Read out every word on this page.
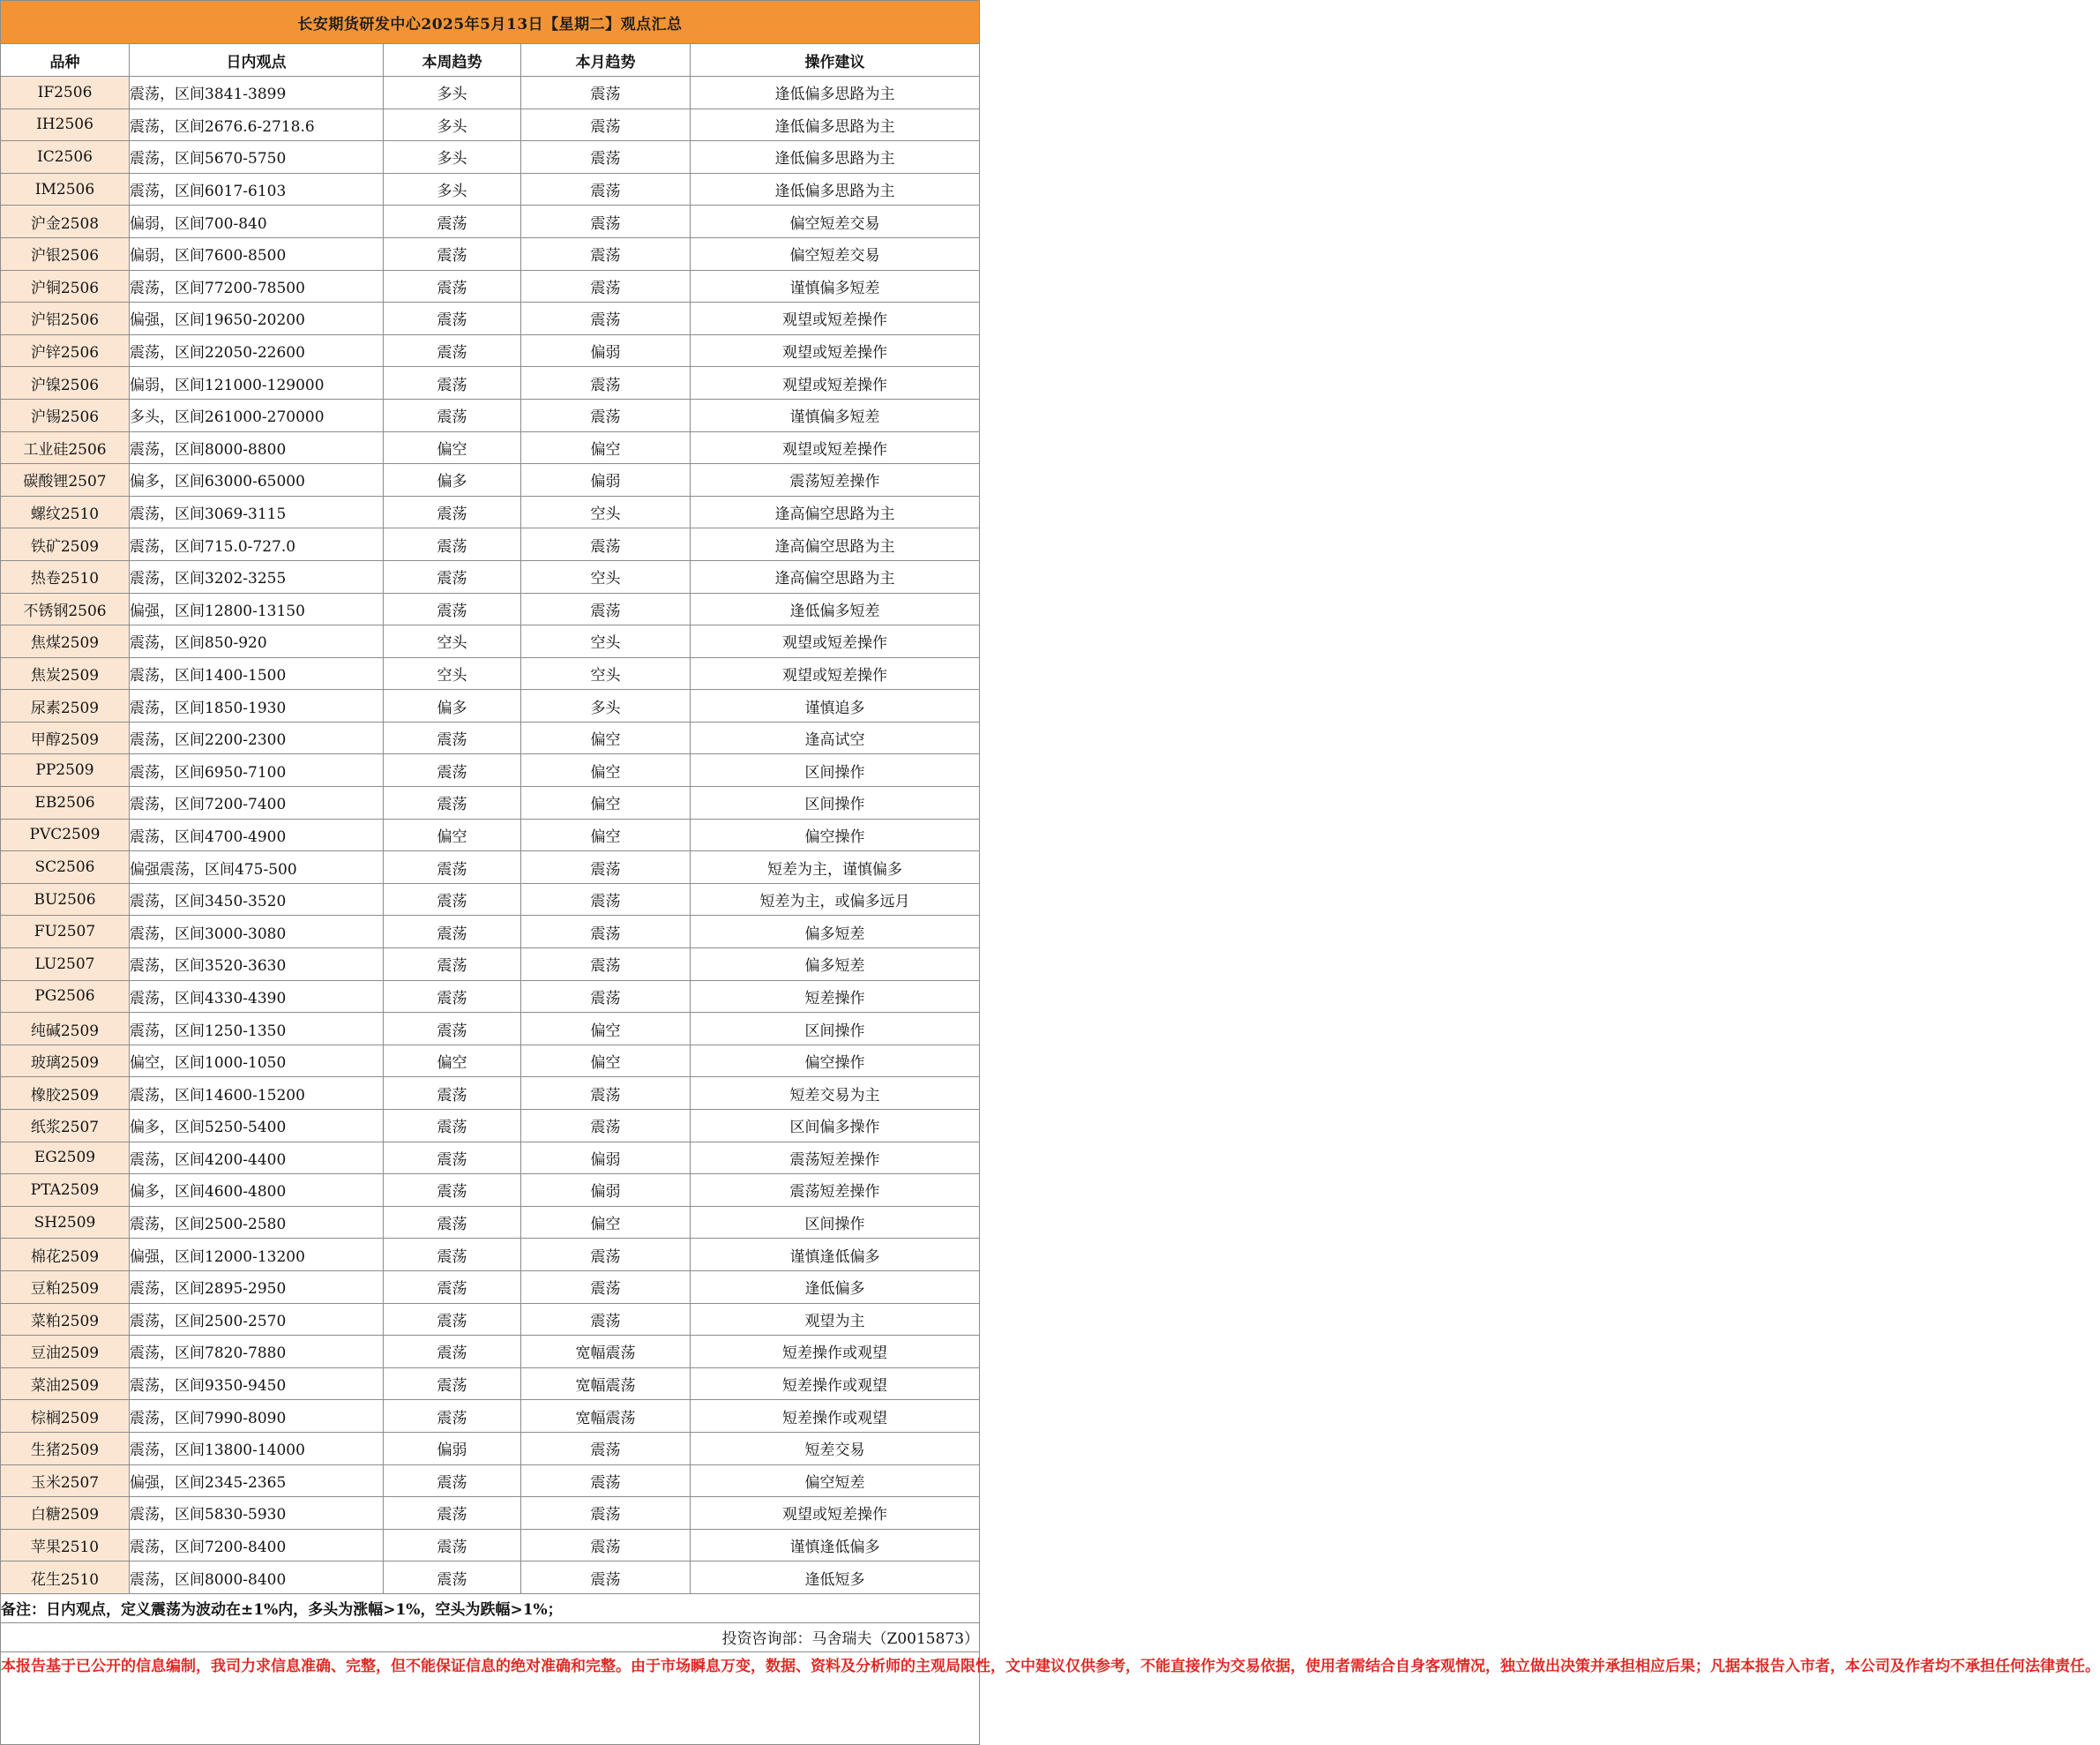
长安期货研发中心2025年5月13日【星期二】观点汇总				
品种	日内观点	本周趋势	本月趋势	操作建议
IF2506	震荡，区间3841-3899	多头	震荡	逢低偏多思路为主
IH2506	震荡，区间2676.6-2718.6	多头	震荡	逢低偏多思路为主
IC2506	震荡，区间5670-5750	多头	震荡	逢低偏多思路为主
IM2506	震荡，区间6017-6103	多头	震荡	逢低偏多思路为主
沪金2508	偏弱，区间700-840	震荡	震荡	偏空短差交易
沪银2506	偏弱，区间7600-8500	震荡	震荡	偏空短差交易
沪铜2506	震荡，区间77200-78500	震荡	震荡	谨慎偏多短差
沪铝2506	偏强，区间19650-20200	震荡	震荡	观望或短差操作
沪锌2506	震荡，区间22050-22600	震荡	偏弱	观望或短差操作
沪镍2506	偏弱，区间121000-129000	震荡	震荡	观望或短差操作
沪锡2506	多头，区间261000-270000	震荡	震荡	谨慎偏多短差
工业硅2506	震荡，区间8000-8800	偏空	偏空	观望或短差操作
碳酸锂2507	偏多，区间63000-65000	偏多	偏弱	震荡短差操作
螺纹2510	震荡，区间3069-3115	震荡	空头	逢高偏空思路为主
铁矿2509	震荡，区间715.0-727.0	震荡	震荡	逢高偏空思路为主
热卷2510	震荡，区间3202-3255	震荡	空头	逢高偏空思路为主
不锈钢2506	偏强，区间12800-13150	震荡	震荡	逢低偏多短差
焦煤2509	震荡，区间850-920	空头	空头	观望或短差操作
焦炭2509	震荡，区间1400-1500	空头	空头	观望或短差操作
尿素2509	震荡，区间1850-1930	偏多	多头	谨慎追多
甲醇2509	震荡，区间2200-2300	震荡	偏空	逢高试空
PP2509	震荡，区间6950-7100	震荡	偏空	区间操作
EB2506	震荡，区间7200-7400	震荡	偏空	区间操作
PVC2509	震荡，区间4700-4900	偏空	偏空	偏空操作
SC2506	偏强震荡，区间475-500	震荡	震荡	短差为主，谨慎偏多
BU2506	震荡，区间3450-3520	震荡	震荡	短差为主，或偏多远月
FU2507	震荡，区间3000-3080	震荡	震荡	偏多短差
LU2507	震荡，区间3520-3630	震荡	震荡	偏多短差
PG2506	震荡，区间4330-4390	震荡	震荡	短差操作
纯碱2509	震荡，区间1250-1350	震荡	偏空	区间操作
玻璃2509	偏空，区间1000-1050	偏空	偏空	偏空操作
橡胶2509	震荡，区间14600-15200	震荡	震荡	短差交易为主
纸浆2507	偏多，区间5250-5400	震荡	震荡	区间偏多操作
EG2509	震荡，区间4200-4400	震荡	偏弱	震荡短差操作
PTA2509	偏多，区间4600-4800	震荡	偏弱	震荡短差操作
SH2509	震荡，区间2500-2580	震荡	偏空	区间操作
棉花2509	偏强，区间12000-13200	震荡	震荡	谨慎逢低偏多
豆粕2509	震荡，区间2895-2950	震荡	震荡	逢低偏多
菜粕2509	震荡，区间2500-2570	震荡	震荡	观望为主
豆油2509	震荡，区间7820-7880	震荡	宽幅震荡	短差操作或观望
菜油2509	震荡，区间9350-9450	震荡	宽幅震荡	短差操作或观望
棕榈2509	震荡，区间7990-8090	震荡	宽幅震荡	短差操作或观望
生猪2509	震荡，区间13800-14000	偏弱	震荡	短差交易
玉米2507	偏强，区间2345-2365	震荡	震荡	偏空短差
白糖2509	震荡，区间5830-5930	震荡	震荡	观望或短差操作
苹果2510	震荡，区间7200-8400	震荡	震荡	谨慎逢低偏多
花生2510	震荡，区间8000-8400	震荡	震荡	逢低短多
备注：日内观点，定义震荡为波动在±1%内，多头为涨幅>1%，空头为跌幅>1%；				
投资咨询部：马舍瑞夫（Z0015873）				
本报告基于已公开的信息编制，我司力求信息准确、完整，但不能保证信息的绝对准确和完整。由于市场瞬息万变，数据、资料及分析师的主观局限性，文中建议仅供参考，不能直接作为交易依据，使用者需结合自身客观情况，独立做出决策并承担相应后果；凡据本报告入市者，本公司及作者均不承担任何法律责任。				
